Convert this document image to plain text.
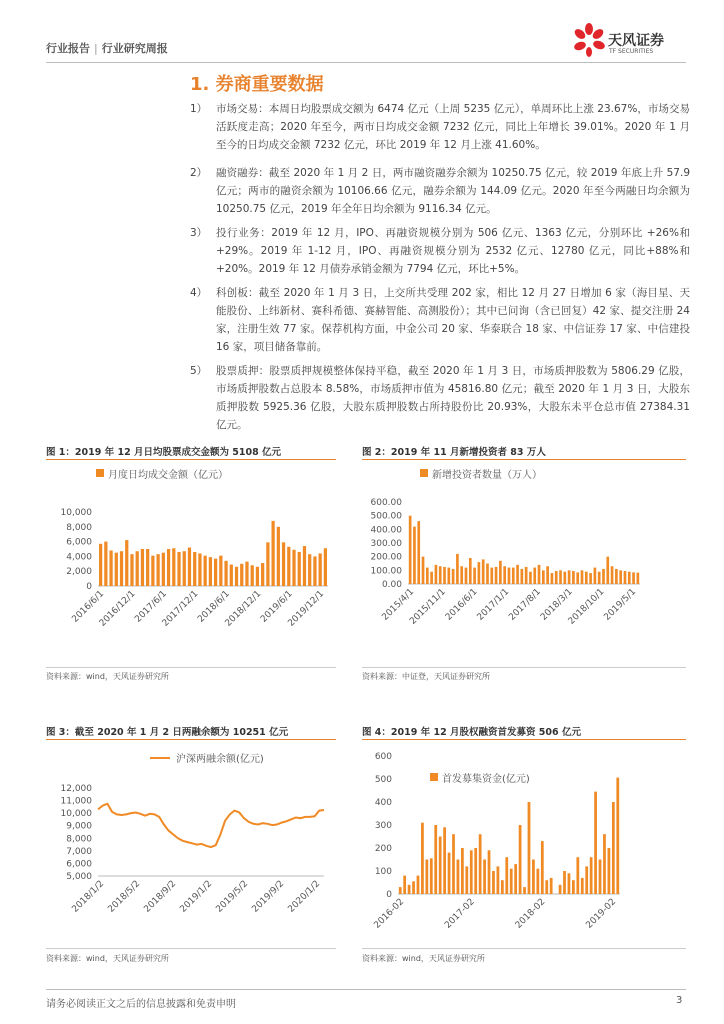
行业报告 | 行业研究周报	天风证券
TF SECURITIES
1. 券商重要数据
1） 市场交易：本周日均股票成交额为 6474 亿元（上周 5235 亿元），单周环比上涨 23.67%，市场交易活跃度走高；2020 年至今，两市日均成交金额 7232 亿元，同比上年增长 39.01%。2020 年 1 月至今的日均成交金额 7232 亿元，环比 2019 年 12 月上涨 41.60%。
2） 融资融券：截至 2020 年 1 月 2 日，两市融资融券余额为 10250.75 亿元，较 2019 年底上升 57.9 亿元；两市的融资余额为 10106.66 亿元，融券余额为 144.09 亿元。2020 年至今两融日均余额为 10250.75 亿元，2019 年全年日均余额为 9116.34 亿元。
3） 投行业务：2019 年 12 月，IPO、再融资规模分别为 506 亿元、1363 亿元，分别环比 +26%和+29%。2019 年 1-12 月，IPO、再融资规模分别为 2532 亿元、12780 亿元，同比+88%和+20%。2019 年 12 月债券承销金额为 7794 亿元，环比+5%。
4） 科创板：截至 2020 年 1 月 3 日，上交所共受理 202 家，相比 12 月 27 日增加 6 家（海目星、天能股份、上纬新材、赛科希德、赛赫智能、高测股份）；其中已问询（含已回复）42 家、提交注册 24 家，注册生效 77 家。保荐机构方面，中金公司 20 家、华泰联合 18 家、中信证券 17 家、中信建投 16 家，项目储备靠前。
5） 股票质押：股票质押规模整体保持平稳，截至 2020 年 1 月 3 日，市场质押股数为 5806.29 亿股，市场质押股数占总股本 8.58%，市场质押市值为 45816.80 亿元；截至 2020 年 1 月 3 日，大股东质押股数 5925.36 亿股，大股东质押股数占所持股份比 20.93%，大股东未平仓总市值 27384.31 亿元。
图 1：2019 年 12 月日均股票成交金额为 5108 亿元
月度日均成交金额（亿元）
10,000
8,000
6,000
4,000
2,000
0
2016/6/1
2016/12/1
2017/6/1
2017/12/1
2018/6/1
2018/12/1
2019/6/1
2019/12/1
资料来源：wind，天风证券研究所
图 2：2019 年 11 月新增投资者 83 万人
新增投资者数量（万人）
600.00
500.00
400.00
300.00
200.00
100.00
0.00
2015/4/1
2015/11/1
2016/6/1
2017/1/1
2017/8/1
2018/3/1
2018/10/1
2019/5/1
资料来源：中证登，天风证券研究所
图 3：截至 2020 年 1 月 2 日两融余额为 10251 亿元
沪深两融余额(亿元)
12,000
11,000
10,000
9,000
8,000
7,000
6,000
5,000
2018/1/2 2018/5/2 2018/9/2 2019/1/2 2019/5/2 2019/9/2 2020/1/2
资料来源：wind，天风证券研究所
图 4：2019 年 12 月股权融资首发募资 506 亿元
首发募集资金(亿元)
600
500
400
300
200
100
0
2016-02	2017-02	2018-02	2019-02
资料来源：wind，天风证券研究所
请务必阅读正文之后的信息披露和免责申明	3
